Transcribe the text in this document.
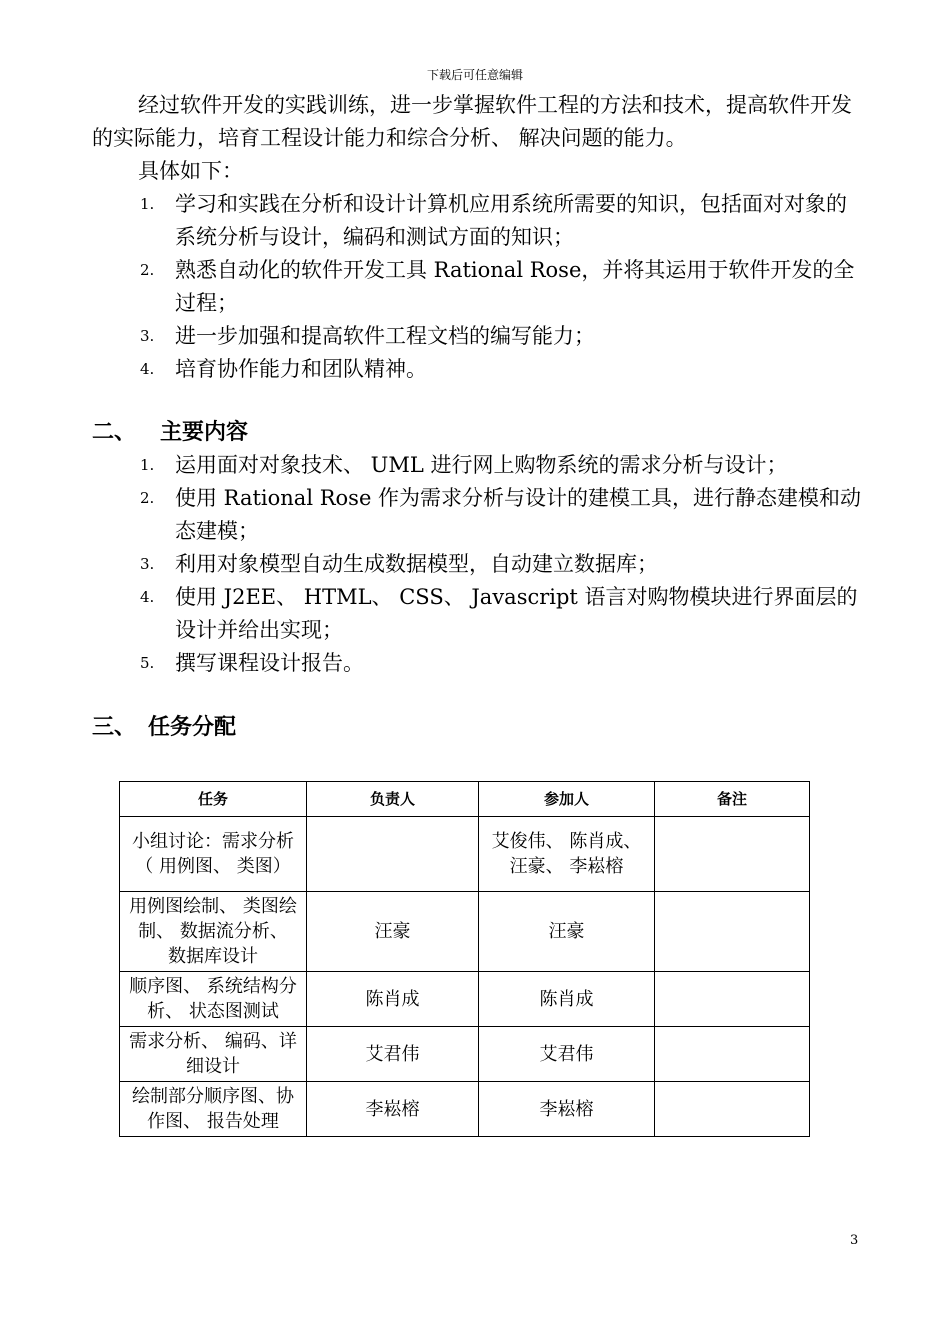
下载后可任意编辑
经过软件开发的实践训练，进一步掌握软件工程的方法和技术，提高软件开发的实际能力，培育工程设计能力和综合分析、 解决问题的能力。
具体如下：
1. 学习和实践在分析和设计计算机应用系统所需要的知识，包括面对对象的系统分析与设计，编码和测试方面的知识；
2. 熟悉自动化的软件开发工具 Rational Rose，并将其运用于软件开发的全过程；
3. 进一步加强和提高软件工程文档的编写能力；
4. 培育协作能力和团队精神。
二、 主要内容
1. 运用面对对象技术、 UML 进行网上购物系统的需求分析与设计；
2. 使用 Rational Rose 作为需求分析与设计的建模工具，进行静态建模和动态建模；
3. 利用对象模型自动生成数据模型，自动建立数据库；
4. 使用 J2EE、 HTML、 CSS、 Javascript 语言对购物模块进行界面层的设计并给出实现；
5. 撰写课程设计报告。
三、 任务分配
任务	负责人	参加人	备注
小组讨论：需求分析（ 用例图、 类图）		艾俊伟、 陈肖成、 汪豪、 李崧榕	
用例图绘制、 类图绘制、 数据流分析、 数据库设计	汪豪	汪豪	
顺序图、 系统结构分析、 状态图测试	陈肖成	陈肖成	
需求分析、 编码、详细设计	艾君伟	艾君伟	
绘制部分顺序图、协作图、 报告处理	李崧榕	李崧榕	
3
